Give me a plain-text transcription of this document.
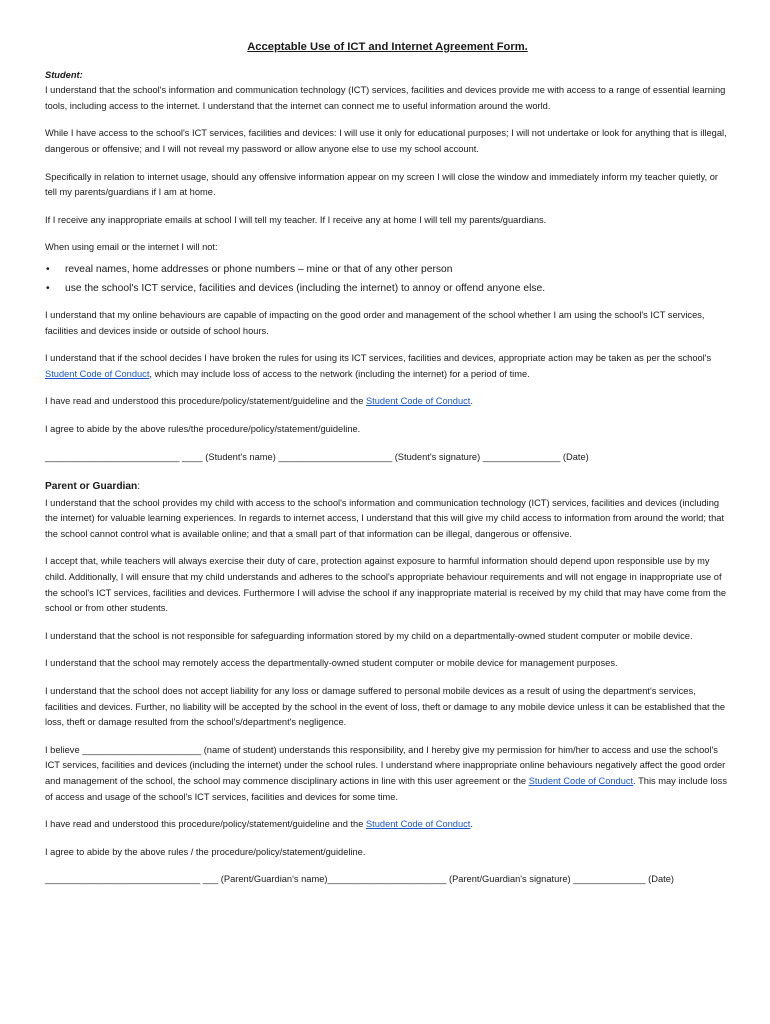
Acceptable Use of ICT and Internet Agreement Form.

Student:

I understand that the school's information and communication technology (ICT) services, facilities and devices provide me with access to a range of essential learning tools, including access to the internet. I understand that the internet can connect me to useful information around the world.

While I have access to the school's ICT services, facilities and devices: I will use it only for educational purposes; I will not undertake or look for anything that is illegal, dangerous or offensive; and I will not reveal my password or allow anyone else to use my school account.

Specifically in relation to internet usage, should any offensive information appear on my screen I will close the window and immediately inform my teacher quietly, or tell my parents/guardians if I am at home.

If I receive any inappropriate emails at school I will tell my teacher. If I receive any at home I will tell my parents/guardians.

When using email or the internet I will not:

• reveal names, home addresses or phone numbers – mine or that of any other person
• use the school's ICT service, facilities and devices (including the internet) to annoy or offend anyone else.

I understand that my online behaviours are capable of impacting on the good order and management of the school whether I am using the school's ICT services, facilities and devices inside or outside of school hours.

I understand that if the school decides I have broken the rules for using its ICT services, facilities and devices, appropriate action may be taken as per the school's Student Code of Conduct, which may include loss of access to the network (including the internet) for a period of time.

I have read and understood this procedure/policy/statement/guideline and the Student Code of Conduct.

I agree to abide by the above rules/the procedure/policy/statement/guideline.

__________________________ ____ (Student's name) ______________________ (Student's signature) _______________ (Date)

Parent or Guardian:

I understand that the school provides my child with access to the school's information and communication technology (ICT) services, facilities and devices (including the internet) for valuable learning experiences. In regards to internet access, I understand that this will give my child access to information from around the world; that the school cannot control what is available online; and that a small part of that information can be illegal, dangerous or offensive.

I accept that, while teachers will always exercise their duty of care, protection against exposure to harmful information should depend upon responsible use by my child. Additionally, I will ensure that my child understands and adheres to the school's appropriate behaviour requirements and will not engage in inappropriate use of the school's ICT services, facilities and devices. Furthermore I will advise the school if any inappropriate material is received by my child that may have come from the school or from other students.

I understand that the school is not responsible for safeguarding information stored by my child on a departmentally-owned student computer or mobile device.

I understand that the school may remotely access the departmentally-owned student computer or mobile device for management purposes.

I understand that the school does not accept liability for any loss or damage suffered to personal mobile devices as a result of using the department's services, facilities and devices. Further, no liability will be accepted by the school in the event of loss, theft or damage to any mobile device unless it can be established that the loss, theft or damage resulted from the school's/department's negligence.

I believe _______________________ (name of student) understands this responsibility, and I hereby give my permission for him/her to access and use the school's ICT services, facilities and devices (including the internet) under the school rules. I understand where inappropriate online behaviours negatively affect the good order and management of the school, the school may commence disciplinary actions in line with this user agreement or the Student Code of Conduct. This may include loss of access and usage of the school's ICT services, facilities and devices for some time.

I have read and understood this procedure/policy/statement/guideline and the Student Code of Conduct.

I agree to abide by the above rules / the procedure/policy/statement/guideline.

______________________________ ___ (Parent/Guardian's name)_______________________ (Parent/Guardian's signature) ______________ (Date)
